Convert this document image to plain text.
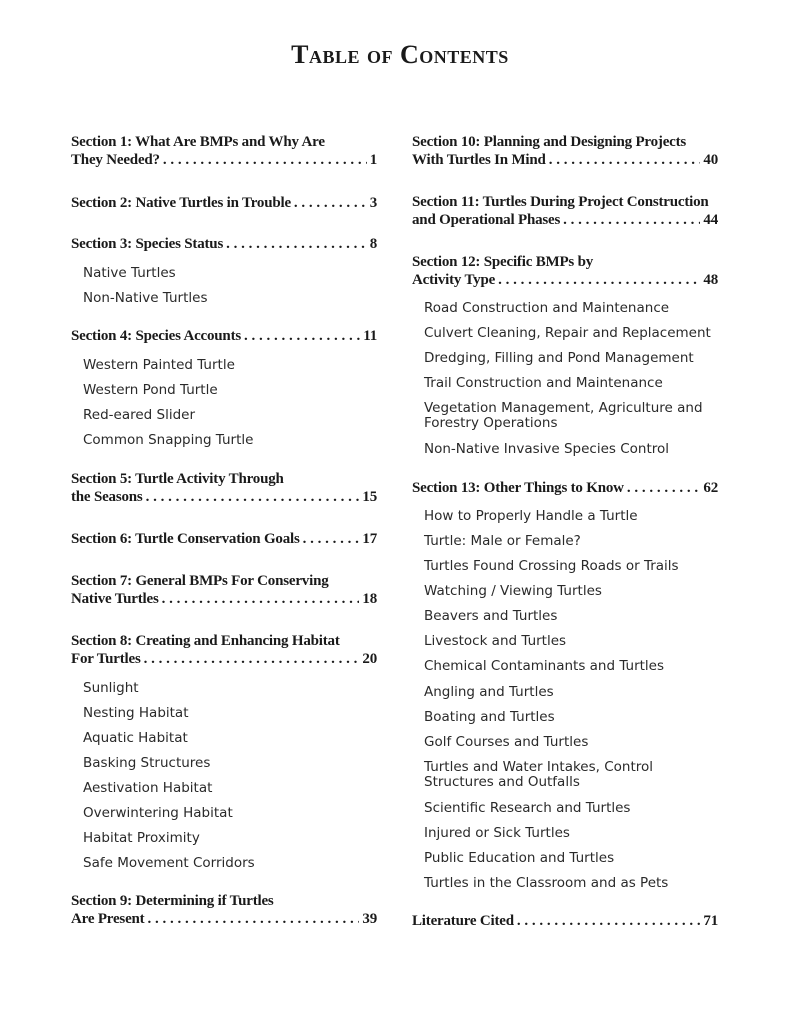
Table of Contents
Section 1: What Are BMPs and Why Are
They Needed? . . .	1
Section 2: Native Turtles in Trouble . . .	3
Section 3: Species Status . . .	8
Native Turtles
Non-Native Turtles
Section 4: Species Accounts . . .	11
Western Painted Turtle
Western Pond Turtle
Red-eared Slider
Common Snapping Turtle
Section 5: Turtle Activity Through
the Seasons . . .	15
Section 6: Turtle Conservation Goals . . .	17
Section 7: General BMPs For Conserving
Native Turtles . . .	18
Section 8: Creating and Enhancing Habitat
For Turtles . . .	20
Sunlight
Nesting Habitat
Aquatic Habitat
Basking Structures
Aestivation Habitat
Overwintering Habitat
Habitat Proximity
Safe Movement Corridors
Section 9: Determining if Turtles
Are Present . . .	39
Section 10: Planning and Designing Projects
With Turtles In Mind . . .	40
Section 11: Turtles During Project Construction
and Operational Phases . . .	44
Section 12: Specific BMPs by
Activity Type . . .	48
Road Construction and Maintenance
Culvert Cleaning, Repair and Replacement
Dredging, Filling and Pond Management
Trail Construction and Maintenance
Vegetation Management, Agriculture and Forestry Operations
Non-Native Invasive Species Control
Section 13: Other Things to Know . . .	62
How to Properly Handle a Turtle
Turtle: Male or Female?
Turtles Found Crossing Roads or Trails
Watching / Viewing Turtles
Beavers and Turtles
Livestock and Turtles
Chemical Contaminants and Turtles
Angling and Turtles
Boating and Turtles
Golf Courses and Turtles
Turtles and Water Intakes, Control Structures and Outfalls
Scientific Research and Turtles
Injured or Sick Turtles
Public Education and Turtles
Turtles in the Classroom and as Pets
Literature Cited . . .	71
